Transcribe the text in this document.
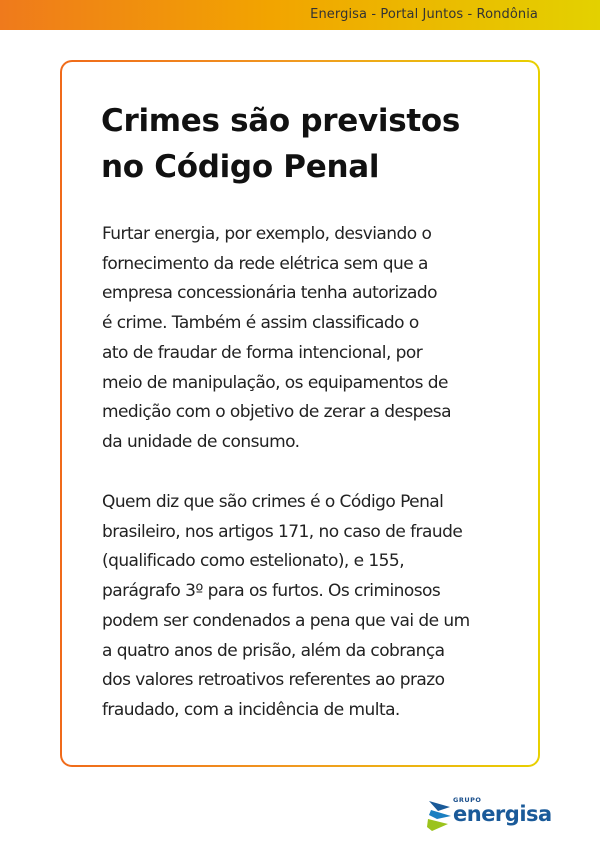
Energisa - Portal Juntos - Rondônia
Crimes são previstos
no Código Penal

Furtar energia, por exemplo, desviando o
fornecimento da rede elétrica sem que a
empresa concessionária tenha autorizado
é crime. Também é assim classificado o
ato de fraudar de forma intencional, por
meio de manipulação, os equipamentos de
medição com o objetivo de zerar a despesa
da unidade de consumo.

Quem diz que são crimes é o Código Penal
brasileiro, nos artigos 171, no caso de fraude
(qualificado como estelionato), e 155,
parágrafo 3º para os furtos. Os criminosos
podem ser condenados a pena que vai de um
a quatro anos de prisão, além da cobrança
dos valores retroativos referentes ao prazo
fraudado, com a incidência de multa.

GRUPO
energisa
